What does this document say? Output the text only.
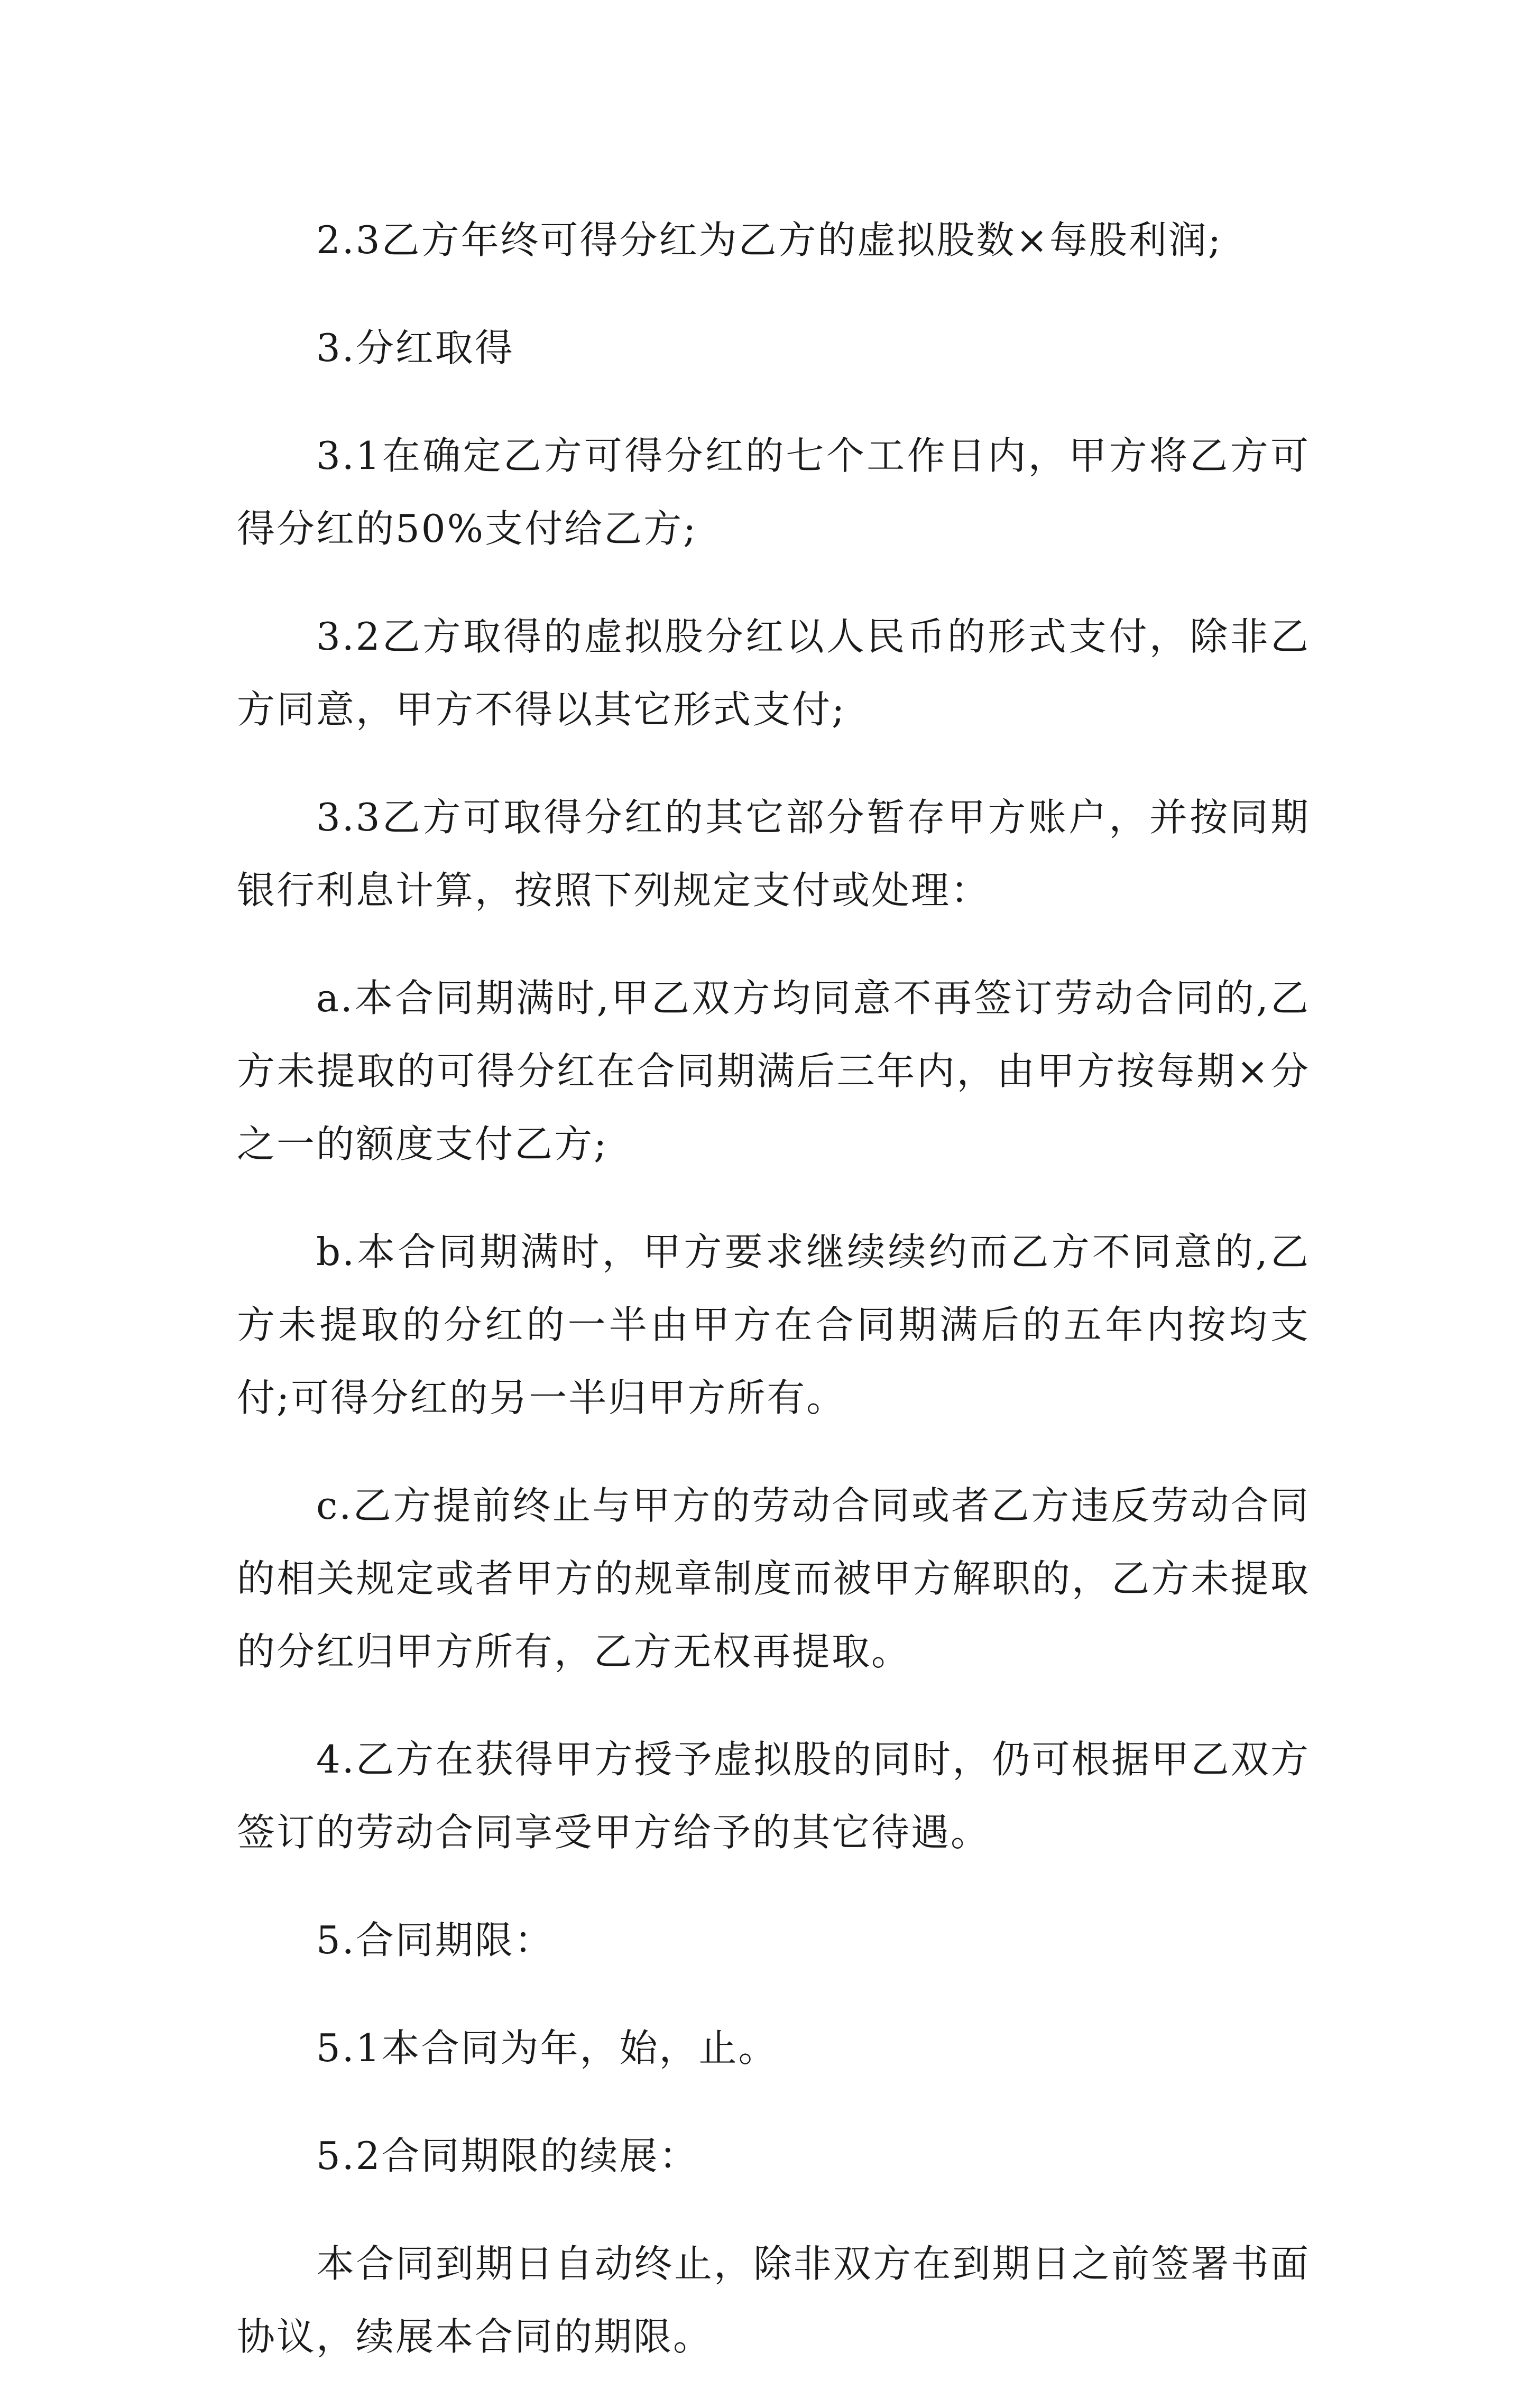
2.3乙方年终可得分红为乙方的虚拟股数×每股利润;

3.分红取得

3.1在确定乙方可得分红的七个工作日内，甲方将乙方可得分红的50%支付给乙方;

3.2乙方取得的虚拟股分红以人民币的形式支付，除非乙方同意，甲方不得以其它形式支付;

3.3乙方可取得分红的其它部分暂存甲方账户，并按同期银行利息计算，按照下列规定支付或处理：

a.本合同期满时,甲乙双方均同意不再签订劳动合同的,乙方未提取的可得分红在合同期满后三年内，由甲方按每期×分之一的额度支付乙方;

b.本合同期满时，甲方要求继续续约而乙方不同意的,乙方未提取的分红的一半由甲方在合同期满后的五年内按均支付;可得分红的另一半归甲方所有。

c.乙方提前终止与甲方的劳动合同或者乙方违反劳动合同的相关规定或者甲方的规章制度而被甲方解职的，乙方未提取的分红归甲方所有，乙方无权再提取。

4.乙方在获得甲方授予虚拟股的同时，仍可根据甲乙双方签订的劳动合同享受甲方给予的其它待遇。

5.合同期限：

5.1本合同为年，始，止。

5.2合同期限的续展：

本合同到期日自动终止，除非双方在到期日之前签署书面协议，续展本合同的期限。
